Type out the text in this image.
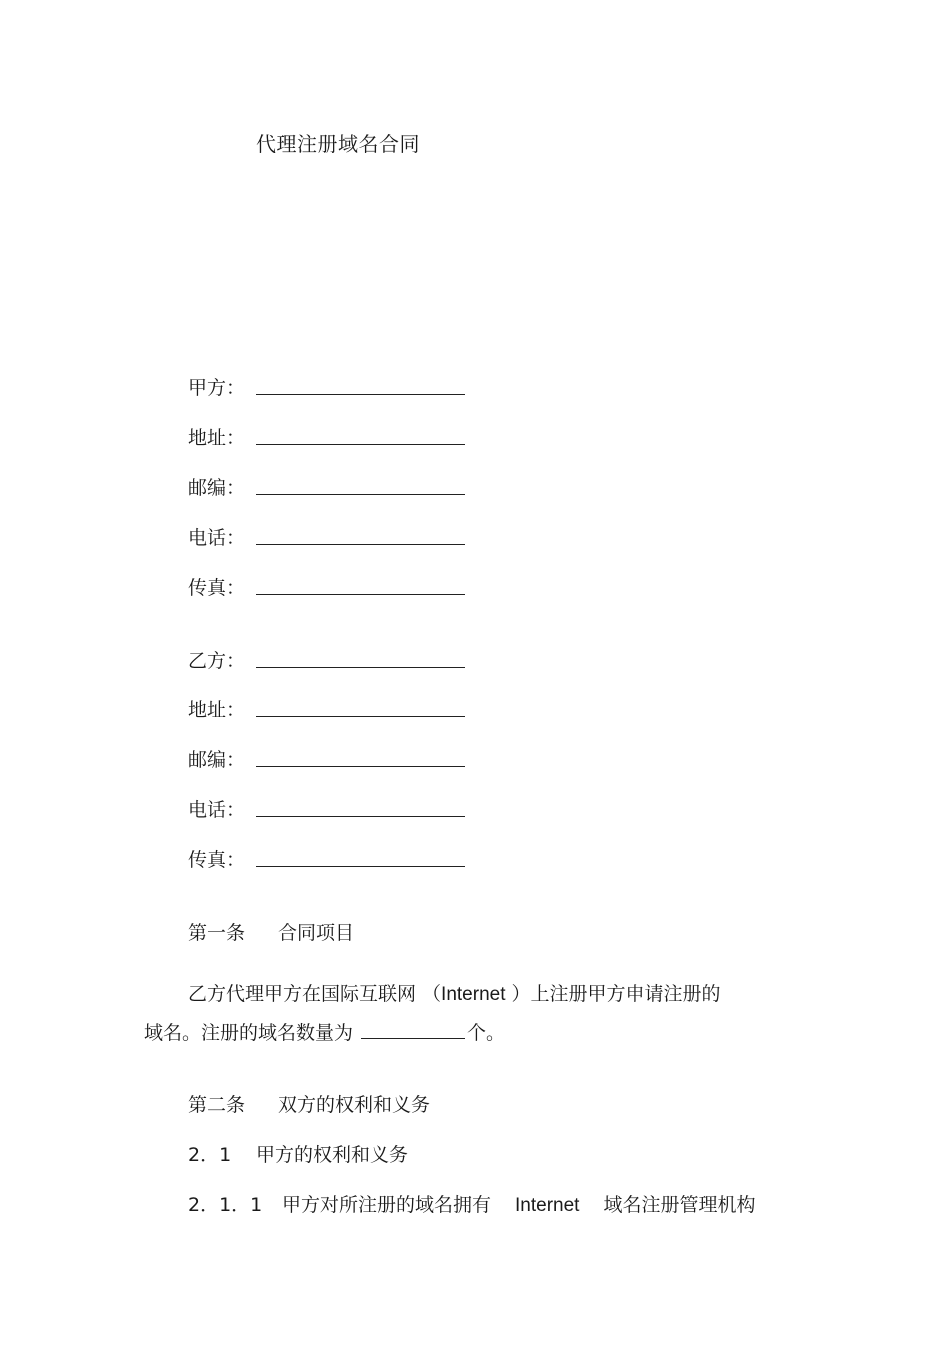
代理注册域名合同
甲方：
地址：
邮编：
电话：
传真：
乙方：
地址：
邮编：
电话：
传真：
第一条 合同项目
乙方代理甲方在国际互联网 （Internet ）上注册甲方申请注册的
域名。注册的域名数量为	个。
第二条 双方的权利和义务
2．1 甲方的权利和义务
2．1．1 甲方对所注册的域名拥有 Internet 域名注册管理机构
